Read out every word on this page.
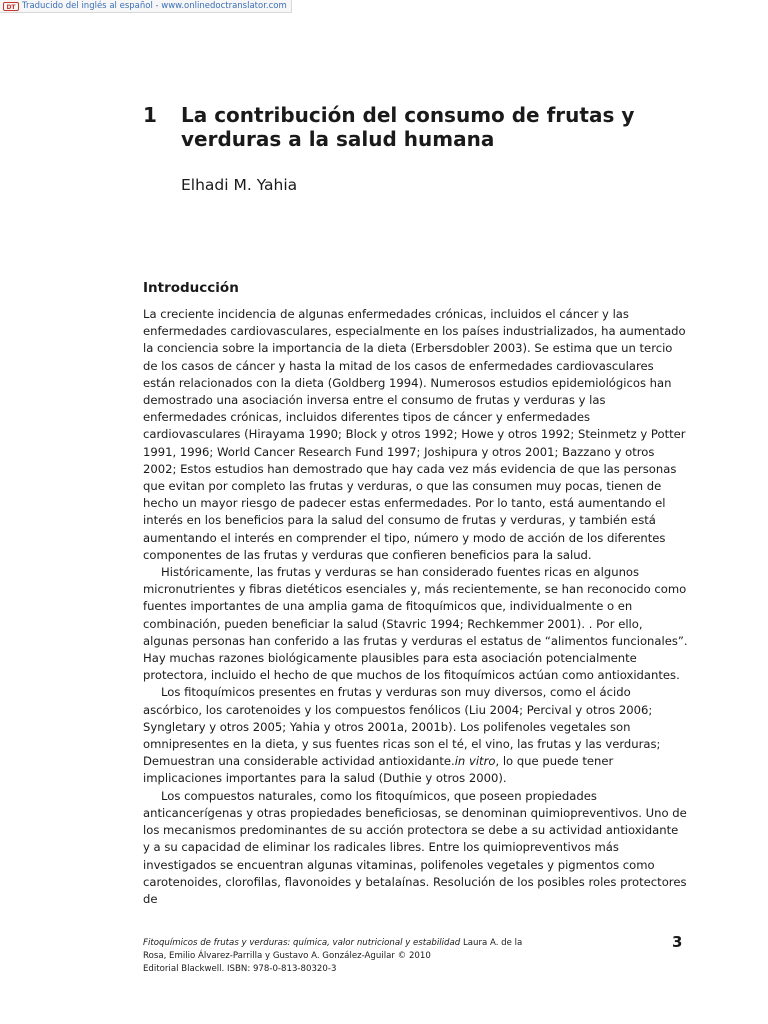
DT Traducido del inglés al español - www.onlinedoctranslator.com
1 La contribución del consumo de frutas y verduras a la salud humana
Elhadi M. Yahia
Introducción

La creciente incidencia de algunas enfermedades crónicas, incluidos el cáncer y las enfermedades cardiovasculares, especialmente en los países industrializados, ha aumentado la conciencia sobre la importancia de la dieta (Erbersdobler 2003). Se estima que un tercio de los casos de cáncer y hasta la mitad de los casos de enfermedades cardiovasculares están relacionados con la dieta (Goldberg 1994). Numerosos estudios epidemiológicos han demostrado una asociación inversa entre el consumo de frutas y verduras y las enfermedades crónicas, incluidos diferentes tipos de cáncer y enfermedades cardiovasculares (Hirayama 1990; Block y otros 1992; Howe y otros 1992; Steinmetz y Potter 1991, 1996; World Cancer Research Fund 1997; Joshipura y otros 2001; Bazzano y otros 2002; Estos estudios han demostrado que hay cada vez más evidencia de que las personas que evitan por completo las frutas y verduras, o que las consumen muy pocas, tienen de hecho un mayor riesgo de padecer estas enfermedades. Por lo tanto, está aumentando el interés en los beneficios para la salud del consumo de frutas y verduras, y también está aumentando el interés en comprender el tipo, número y modo de acción de los diferentes componentes de las frutas y verduras que confieren beneficios para la salud.

Históricamente, las frutas y verduras se han considerado fuentes ricas en algunos micronutrientes y fibras dietéticos esenciales y, más recientemente, se han reconocido como fuentes importantes de una amplia gama de fitoquímicos que, individualmente o en combinación, pueden beneficiar la salud (Stavric 1994; Rechkemmer 2001). . Por ello, algunas personas han conferido a las frutas y verduras el estatus de “alimentos funcionales”. Hay muchas razones biológicamente plausibles para esta asociación potencialmente protectora, incluido el hecho de que muchos de los fitoquímicos actúan como antioxidantes.

Los fitoquímicos presentes en frutas y verduras son muy diversos, como el ácido ascórbico, los carotenoides y los compuestos fenólicos (Liu 2004; Percival y otros 2006; Syngletary y otros 2005; Yahia y otros 2001a, 2001b). Los polifenoles vegetales son omnipresentes en la dieta, y sus fuentes ricas son el té, el vino, las frutas y las verduras; Demuestran una considerable actividad antioxidante.in vitro, lo que puede tener implicaciones importantes para la salud (Duthie y otros 2000).

Los compuestos naturales, como los fitoquímicos, que poseen propiedades anticancerígenas y otras propiedades beneficiosas, se denominan quimiopreventivos. Uno de los mecanismos predominantes de su acción protectora se debe a su actividad antioxidante y a su capacidad de eliminar los radicales libres. Entre los quimiopreventivos más investigados se encuentran algunas vitaminas, polifenoles vegetales y pigmentos como carotenoides, clorofilas, flavonoides y betalaínas. Resolución de los posibles roles protectores de

Fitoquímicos de frutas y verduras: química, valor nutricional y estabilidad Laura A. de la Rosa, Emilio Álvarez-Parrilla y Gustavo A. González-Aguilar © 2010
Editorial Blackwell. ISBN: 978-0-813-80320-3

3
